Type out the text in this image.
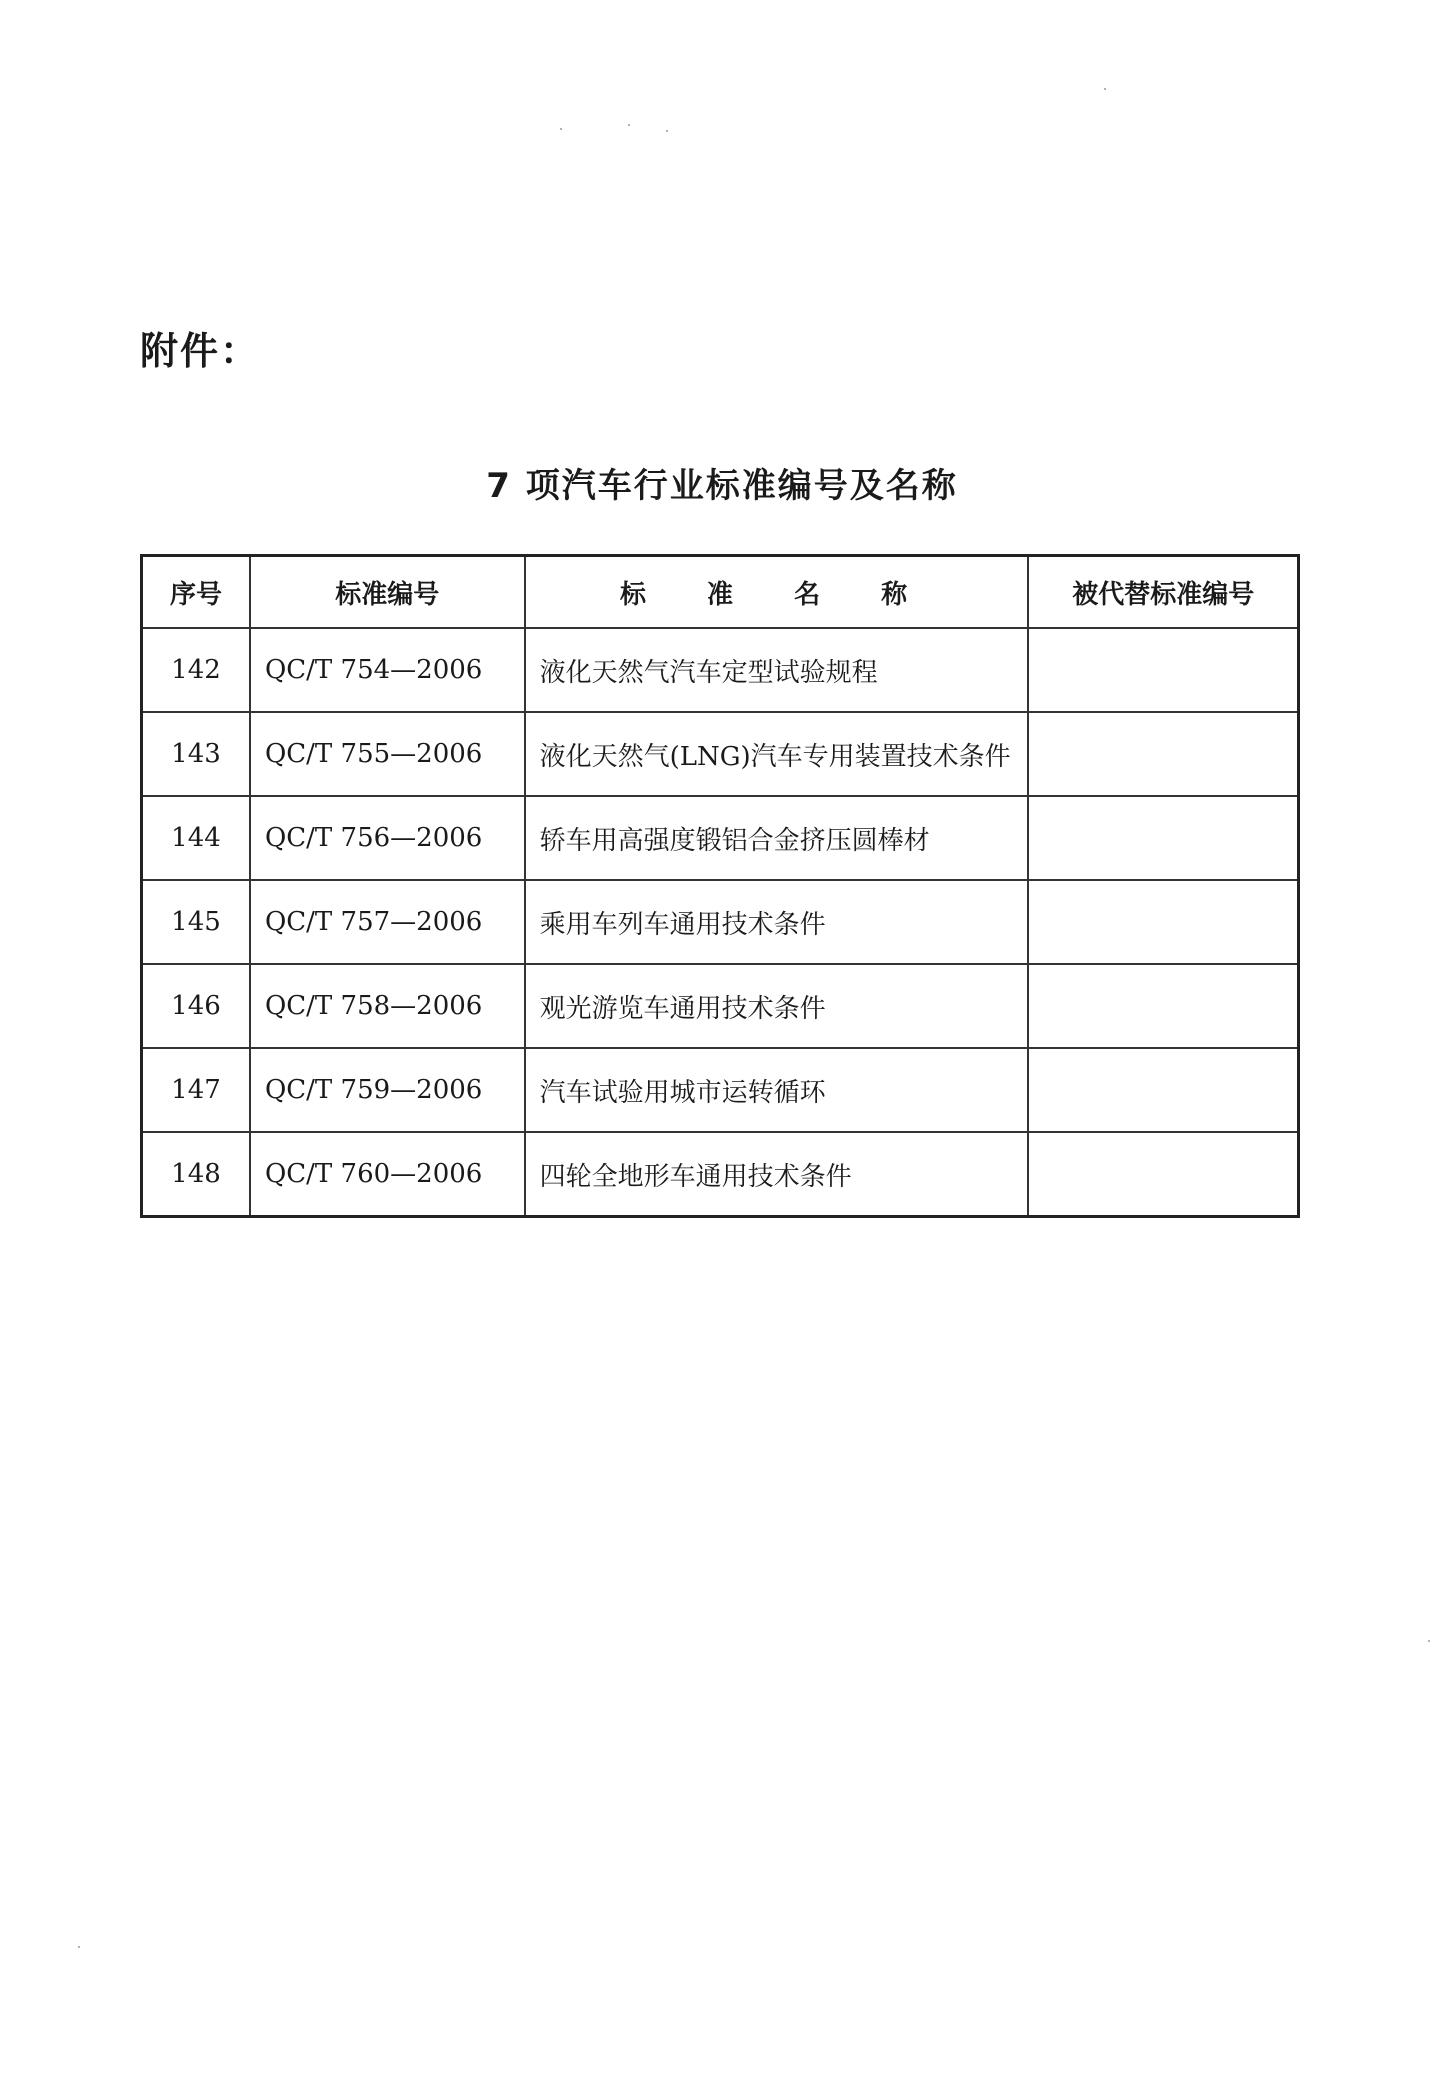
附件：
7 项汽车行业标准编号及名称
序号	标准编号	标 准 名 称	被代替标准编号
142	QC/T 754—2006	液化天然气汽车定型试验规程	
143	QC/T 755—2006	液化天然气(LNG)汽车专用装置技术条件	
144	QC/T 756—2006	轿车用高强度锻铝合金挤压圆棒材	
145	QC/T 757—2006	乘用车列车通用技术条件	
146	QC/T 758—2006	观光游览车通用技术条件	
147	QC/T 759—2006	汽车试验用城市运转循环	
148	QC/T 760—2006	四轮全地形车通用技术条件	
